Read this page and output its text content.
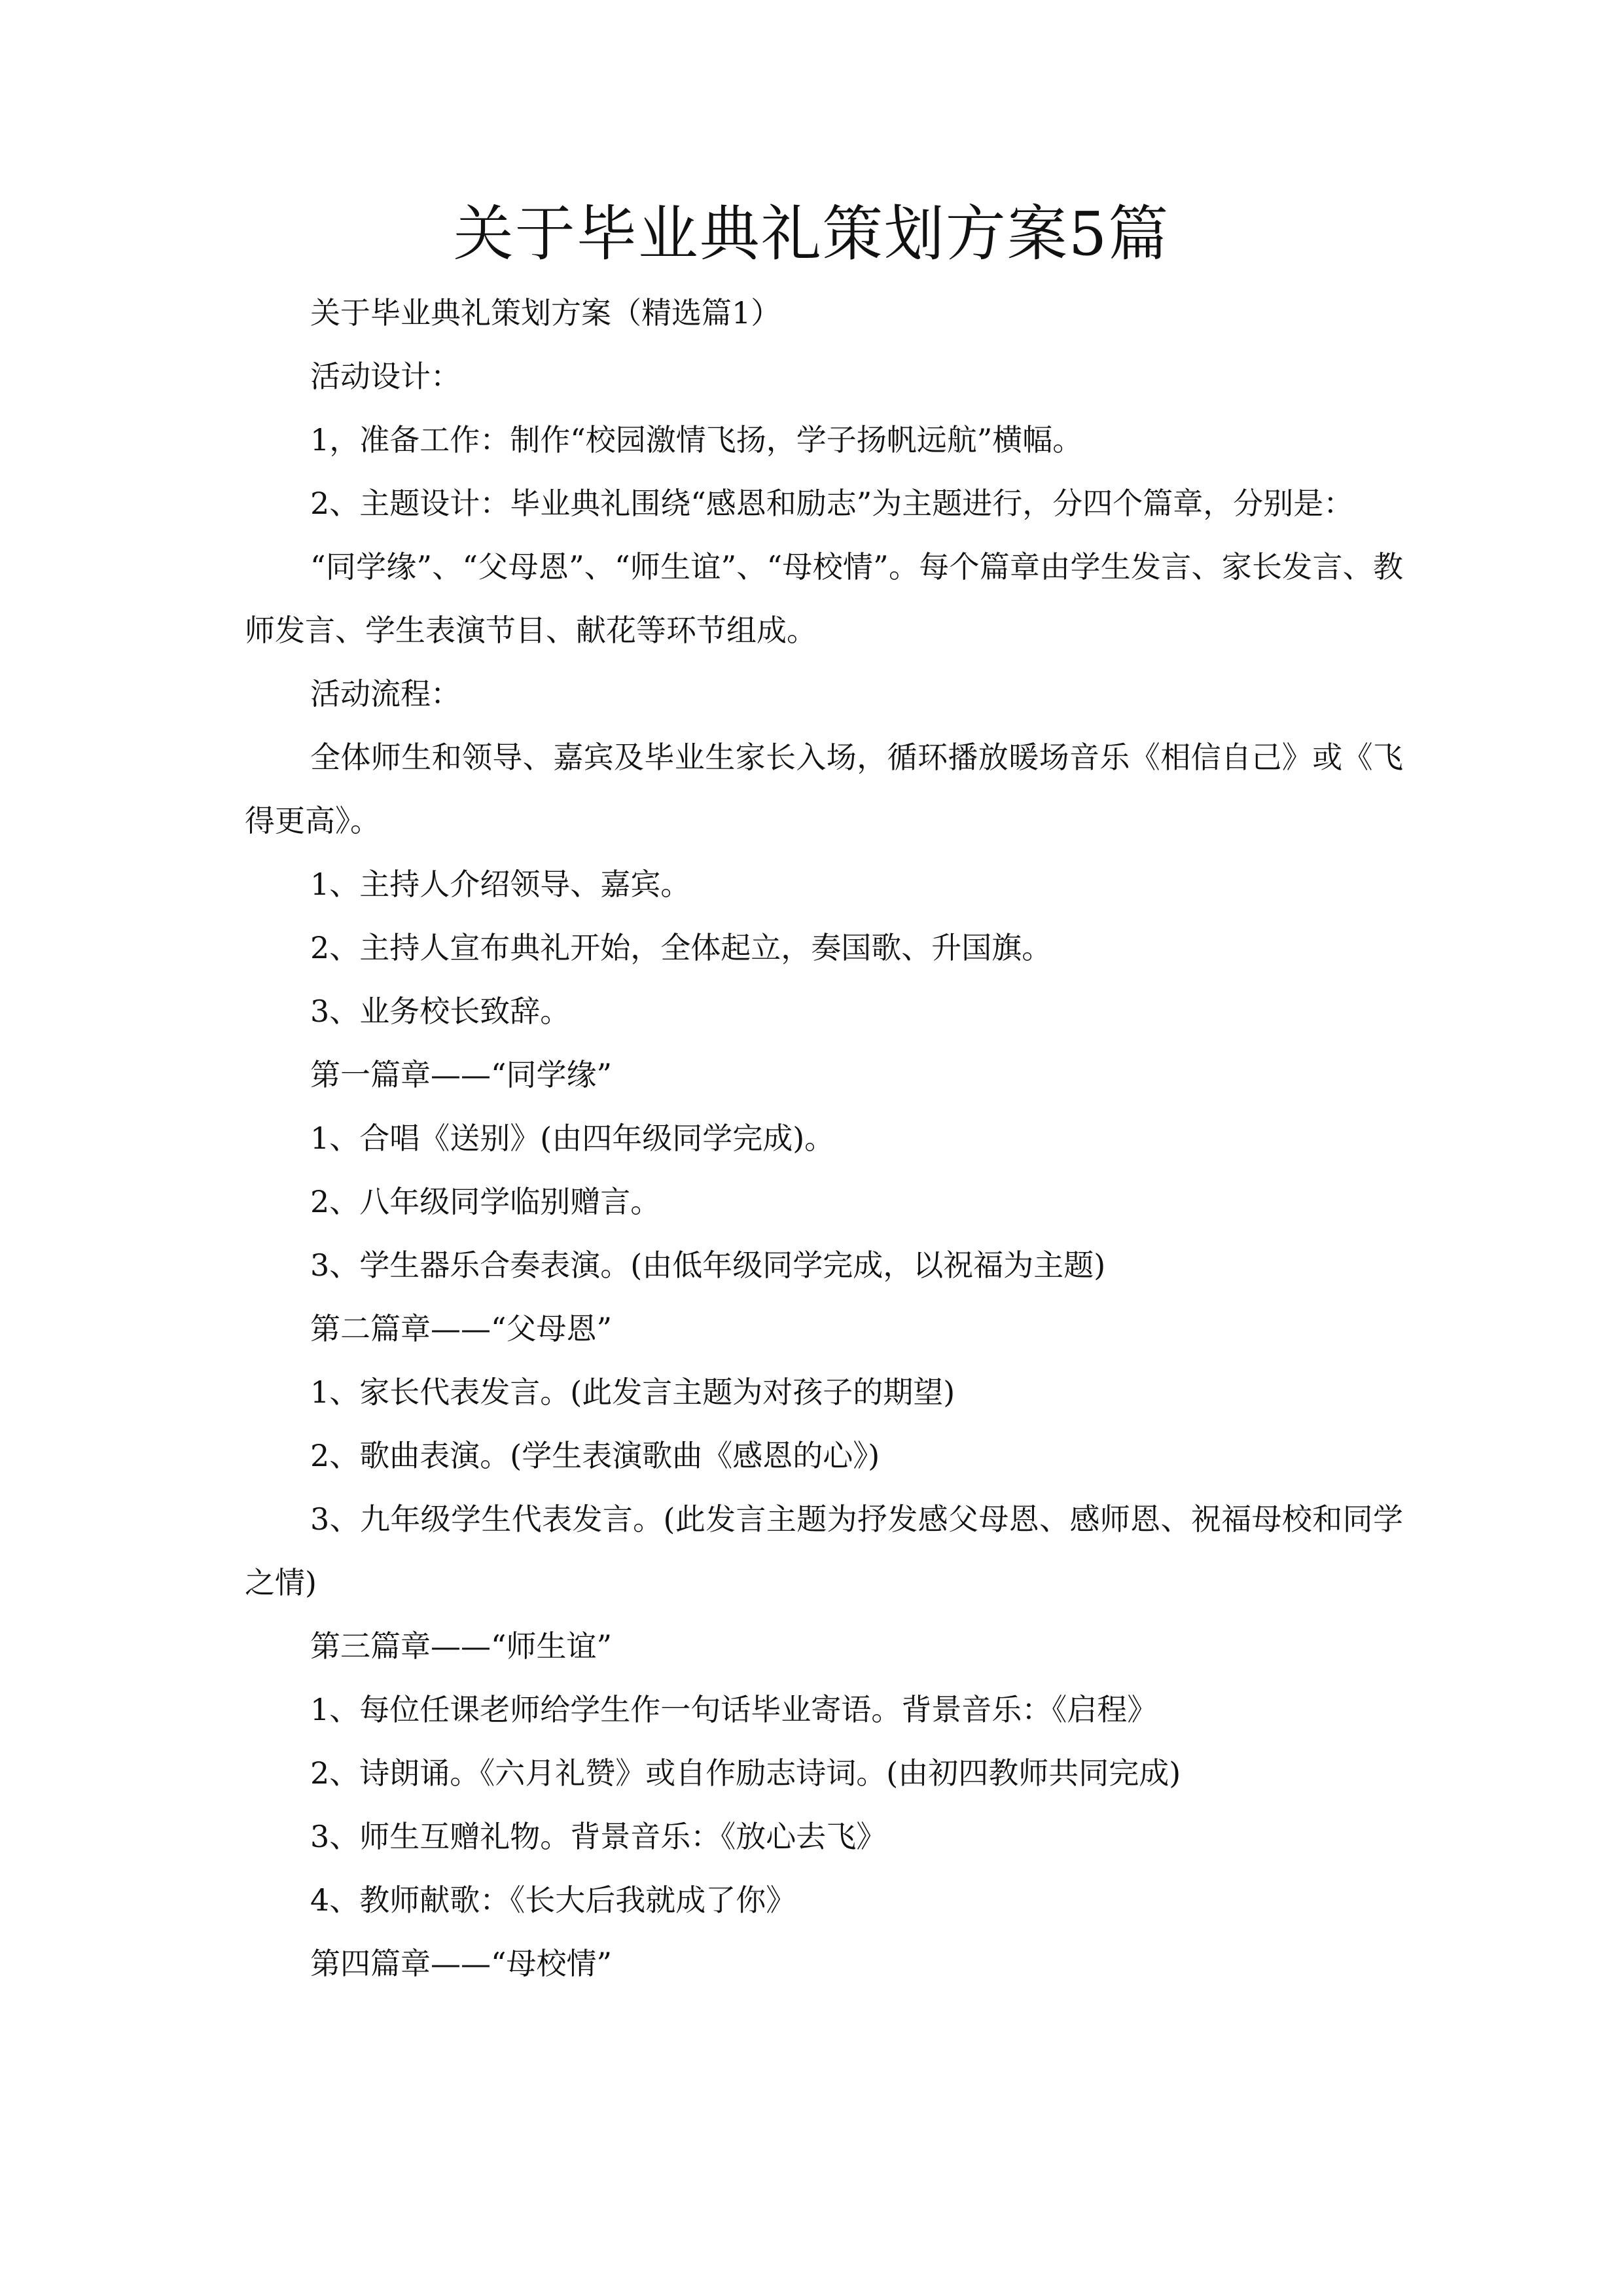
关于毕业典礼策划方案5篇

关于毕业典礼策划方案（精选篇1）

活动设计：

1，准备工作：制作“校园激情飞扬，学子扬帆远航”横幅。

2、主题设计：毕业典礼围绕“感恩和励志”为主题进行，分四个篇章，分别是：

“同学缘”、“父母恩”、“师生谊”、“母校情”。每个篇章由学生发言、家长发言、教师发言、学生表演节目、献花等环节组成。

活动流程：

全体师生和领导、嘉宾及毕业生家长入场，循环播放暖场音乐《相信自己》或《飞得更高》。

1、主持人介绍领导、嘉宾。

2、主持人宣布典礼开始，全体起立，奏国歌、升国旗。

3、业务校长致辞。

第一篇章——“同学缘”

1、合唱《送别》(由四年级同学完成)。

2、八年级同学临别赠言。

3、学生器乐合奏表演。(由低年级同学完成，以祝福为主题)

第二篇章——“父母恩”

1、家长代表发言。(此发言主题为对孩子的期望)

2、歌曲表演。(学生表演歌曲《感恩的心》)

3、九年级学生代表发言。(此发言主题为抒发感父母恩、感师恩、祝福母校和同学之情)

第三篇章——“师生谊”

1、每位任课老师给学生作一句话毕业寄语。背景音乐：《启程》

2、诗朗诵。《六月礼赞》或自作励志诗词。(由初四教师共同完成)

3、师生互赠礼物。背景音乐：《放心去飞》

4、教师献歌：《长大后我就成了你》

第四篇章——“母校情”
